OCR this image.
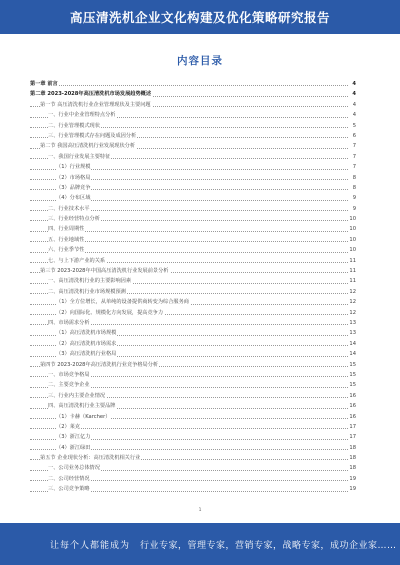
高压清洗机企业文化构建及优化策略研究报告
内容目录
第一章 前言	4
第二章 2023-2028年高压清洗机市场发展趋势概述	4
第一节 高压清洗机行业企业管理现状及主要问题	4
一、行业中企业管理特点分析	4
二、行业管理模式现状	5
三、行业管理模式存在问题及成因分析	6
第二节 我国高压清洗机行业发展现状分析	7
一、我国行业发展主要特征	7
（1）行业规模	7
（2）市场格局	8
（3）品牌竞争	8
（4）分布区域	9
二、行业技术水平	9
三、行业经营特点分析	10
四、行业周期性	10
五、行业地域性	10
六、行业季节性	10
七、与上下游产业的关系	11
第三节 2023-2028年中国高压清洗机行业发展前景分析	11
一、高压清洗机行业的主要影响因素	11
二、高压清洗机行业市场规模预测	12
（1）全方位增长，从单纯的设备提供商转变为综合服务商	12
（2）向国际化、规模化方向发展，提高竞争力	12
四、市场需求分析	13
（1）高压清洗机市场规模	13
（2）高压清洗机市场需求	14
（3）高压清洗机行业格局	14
第四节 2023-2028年高压清洗机行业竞争格局分析	15
一、市场竞争格局	15
二、主要竞争企业	15
三、行业内主要企业情况	16
四、高压清洗机行业主要品牌	16
（1）卡赫（Karcher）	16
（2）莱克	17
（3）浙江亿力	17
（4）浙江绿田	18
第五节 企业现状分析：高压清洗机相关行业	18
一、公司业务总体情况	18
二、公司经营情况	19
三、公司竞争策略	19
1
让每个人都能成为 行业专家，管理专家，营销专家，战略专家，成功企业家……
